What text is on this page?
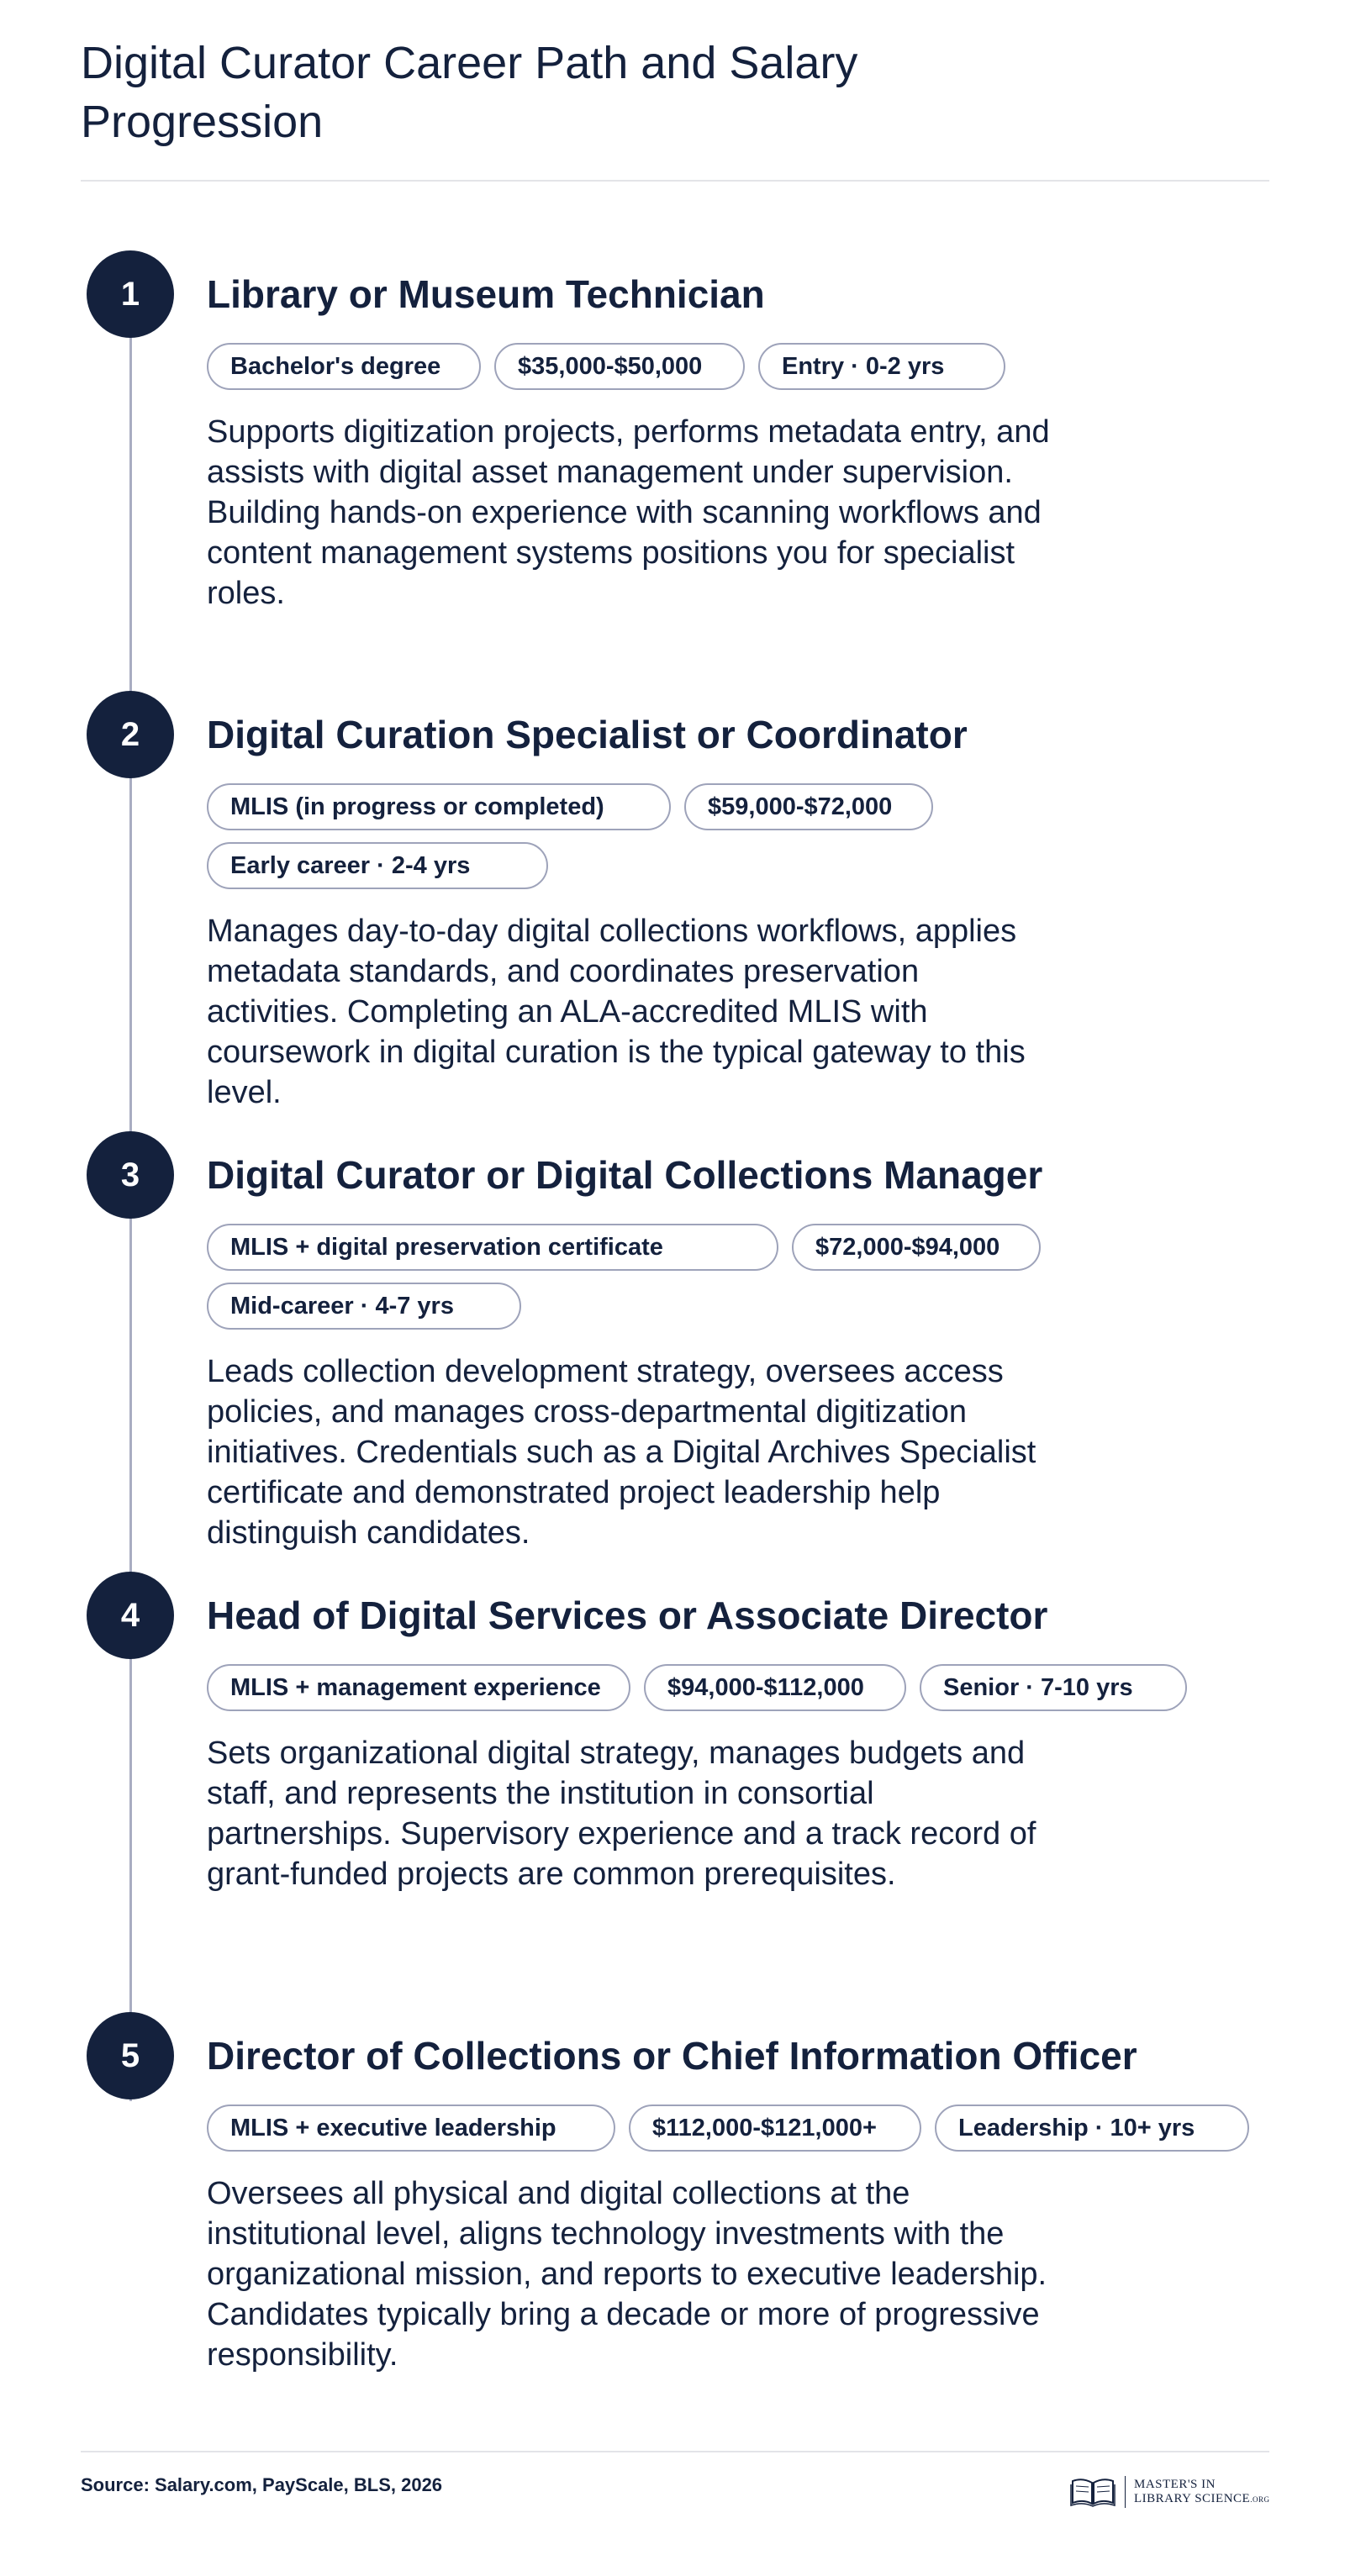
Digital Curator Career Path and Salary Progression
1	Library or Museum Technician
Bachelor's degree	$35,000-$50,000	Entry · 0-2 yrs

Supports digitization projects, performs metadata entry, and assists with digital asset management under supervision. Building hands-on experience with scanning workflows and content management systems positions you for specialist roles.

2	Digital Curation Specialist or Coordinator
MLIS (in progress or completed)	$59,000-$72,000
Early career · 2-4 yrs

Manages day-to-day digital collections workflows, applies metadata standards, and coordinates preservation activities. Completing an ALA-accredited MLIS with coursework in digital curation is the typical gateway to this level.

3	Digital Curator or Digital Collections Manager
MLIS + digital preservation certificate	$72,000-$94,000
Mid-career · 4-7 yrs

Leads collection development strategy, oversees access policies, and manages cross-departmental digitization initiatives. Credentials such as a Digital Archives Specialist certificate and demonstrated project leadership help distinguish candidates.

4	Head of Digital Services or Associate Director
MLIS + management experience	$94,000-$112,000	Senior · 7-10 yrs

Sets organizational digital strategy, manages budgets and staff, and represents the institution in consortial partnerships. Supervisory experience and a track record of grant-funded projects are common prerequisites.

5	Director of Collections or Chief Information Officer
MLIS + executive leadership	$112,000-$121,000+	Leadership · 10+ yrs

Oversees all physical and digital collections at the institutional level, aligns technology investments with the organizational mission, and reports to executive leadership. Candidates typically bring a decade or more of progressive responsibility.

Source: Salary.com, PayScale, BLS, 2026	MASTER'S IN
LIBRARY SCIENCE.ORG
